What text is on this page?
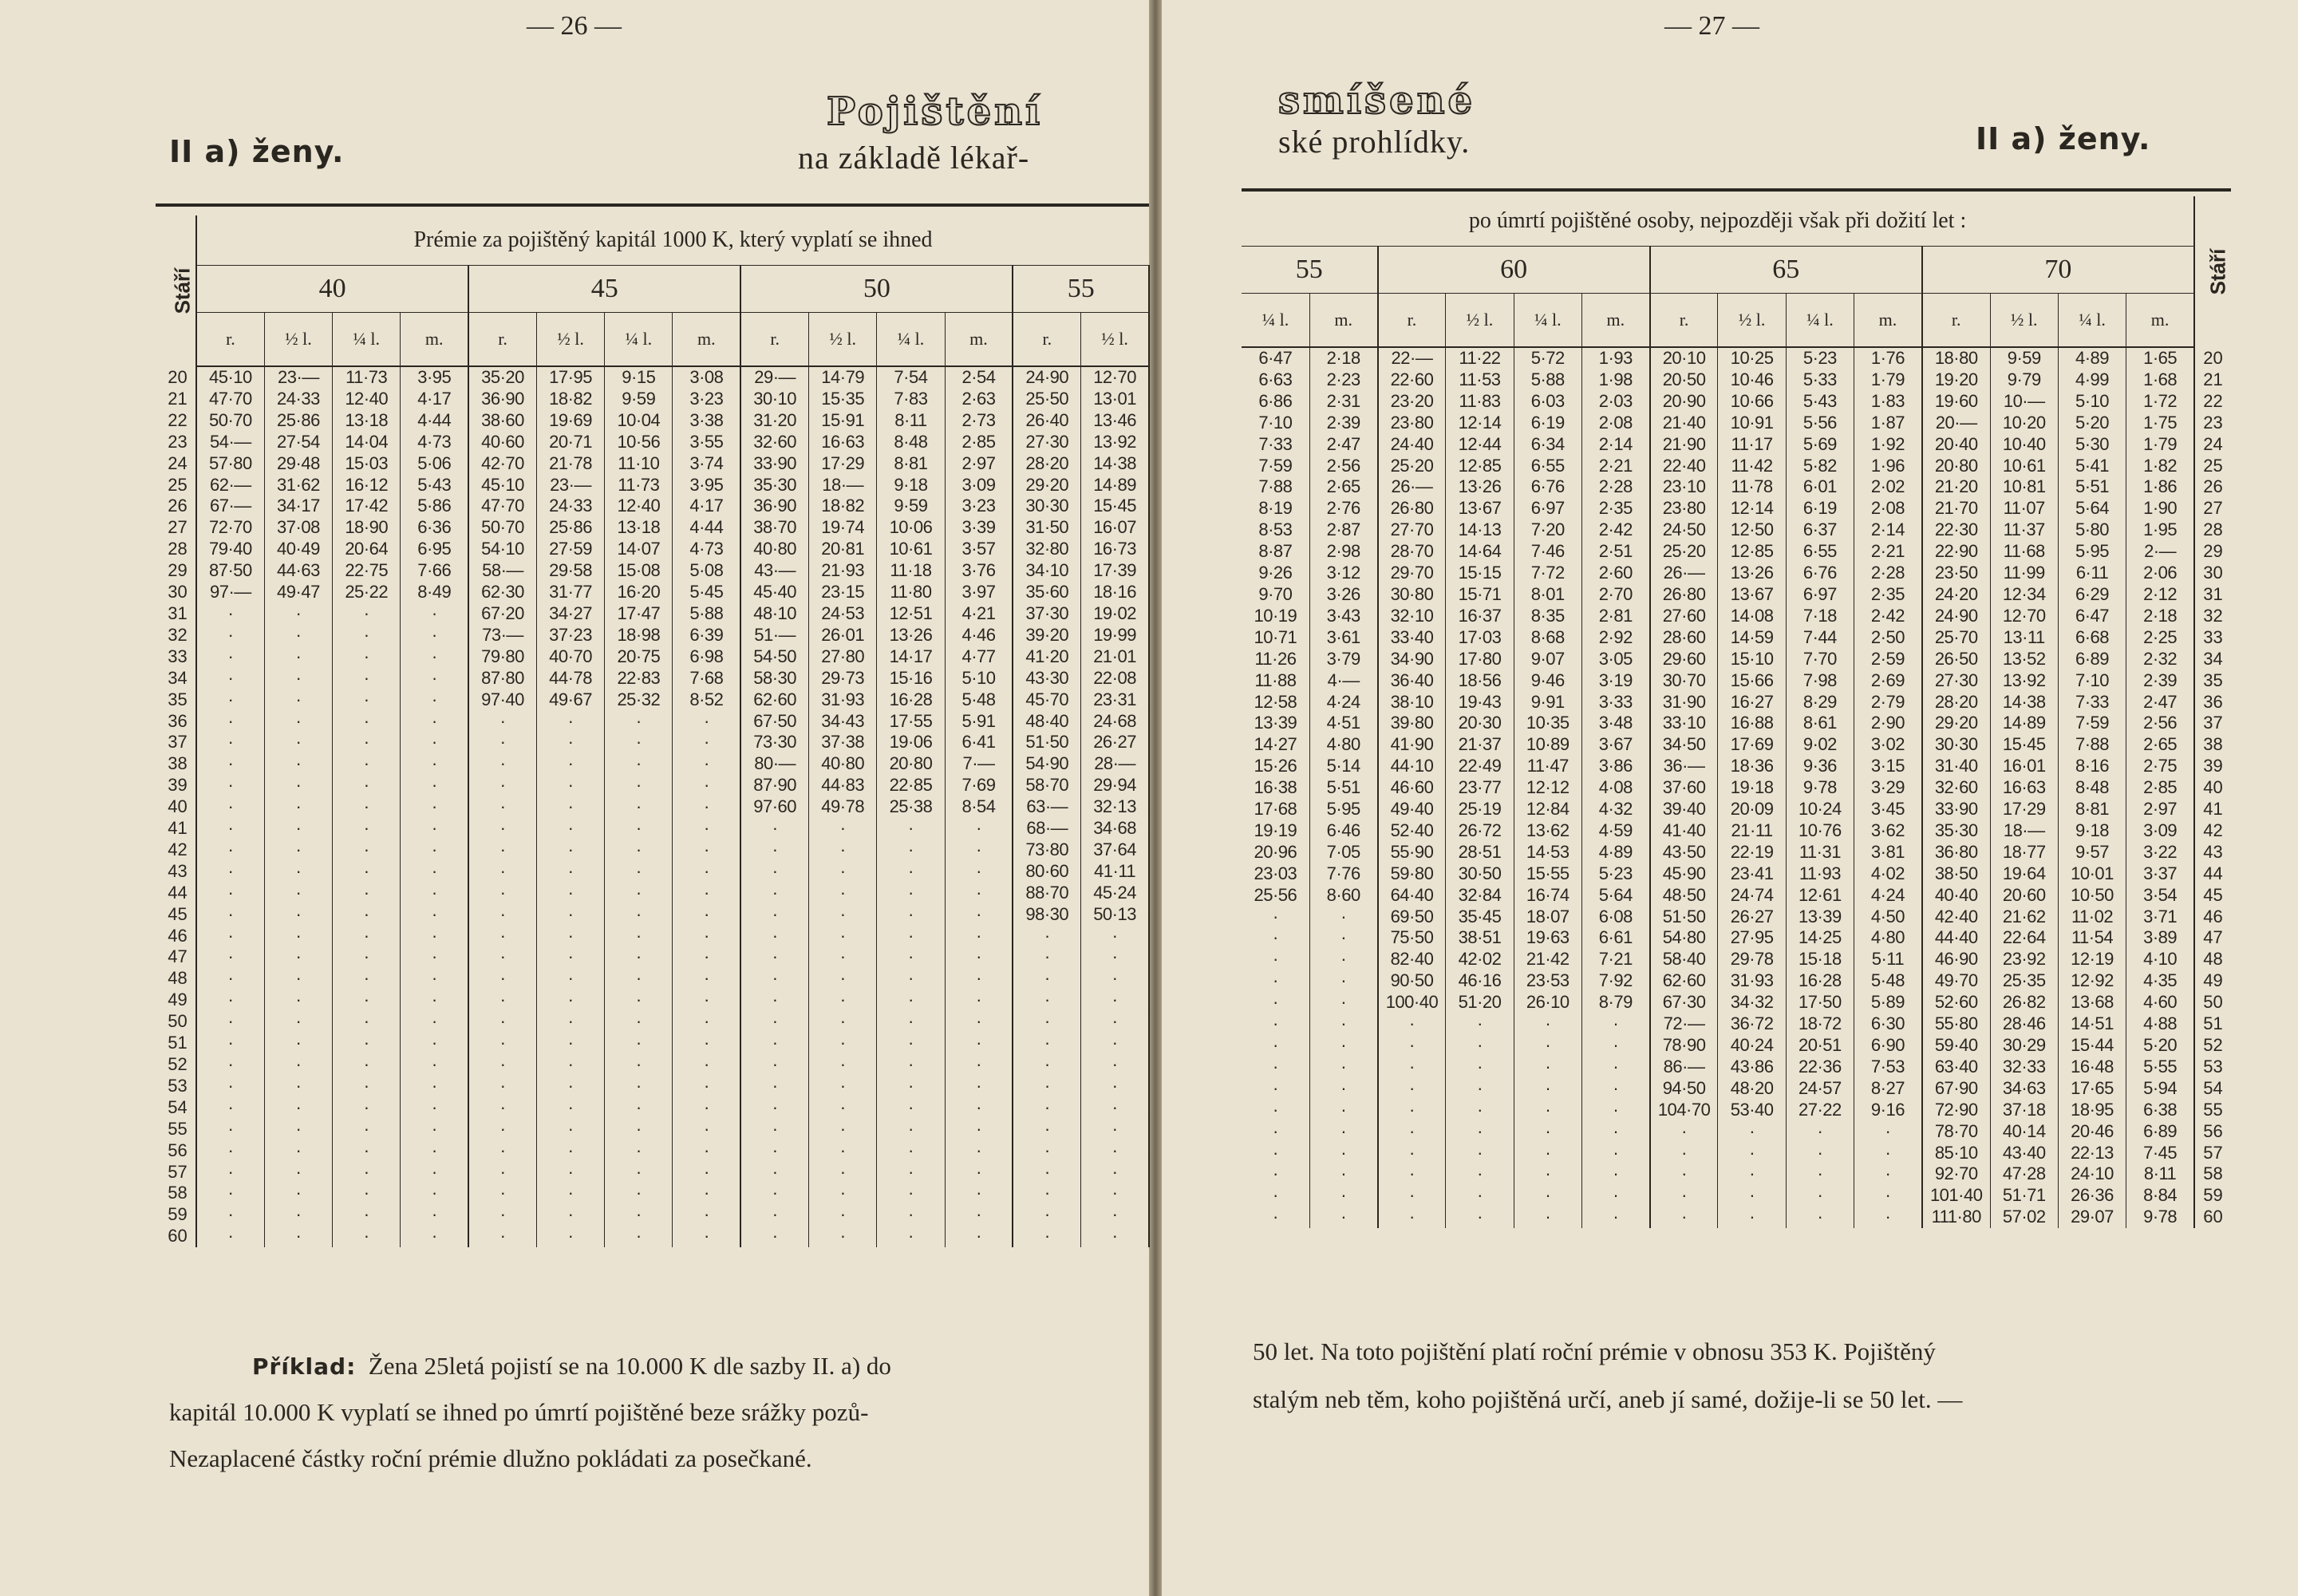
— 26 —
II a) ženy.
Pojištění
na základě lékař-
Stáří	Prémie za pojištěný kapitál 1000 K, který vyplatí se ihned													
	40				45				50				55	
	r.	½ l.	¼ l.	m.	r.	½ l.	¼ l.	m.	r.	½ l.	¼ l.	m.	r.	½ l.
20	45·10	23·—	11·73	3·95	35·20	17·95	9·15	3·08	29·—	14·79	7·54	2·54	24·90	12·70
21	47·70	24·33	12·40	4·17	36·90	18·82	9·59	3·23	30·10	15·35	7·83	2·63	25·50	13·01
22	50·70	25·86	13·18	4·44	38·60	19·69	10·04	3·38	31·20	15·91	8·11	2·73	26·40	13·46
23	54·—	27·54	14·04	4·73	40·60	20·71	10·56	3·55	32·60	16·63	8·48	2·85	27·30	13·92
24	57·80	29·48	15·03	5·06	42·70	21·78	11·10	3·74	33·90	17·29	8·81	2·97	28·20	14·38
25	62·—	31·62	16·12	5·43	45·10	23·—	11·73	3·95	35·30	18·—	9·18	3·09	29·20	14·89
26	67·—	34·17	17·42	5·86	47·70	24·33	12·40	4·17	36·90	18·82	9·59	3·23	30·30	15·45
27	72·70	37·08	18·90	6·36	50·70	25·86	13·18	4·44	38·70	19·74	10·06	3·39	31·50	16·07
28	79·40	40·49	20·64	6·95	54·10	27·59	14·07	4·73	40·80	20·81	10·61	3·57	32·80	16·73
29	87·50	44·63	22·75	7·66	58·—	29·58	15·08	5·08	43·—	21·93	11·18	3·76	34·10	17·39
30	97·—	49·47	25·22	8·49	62·30	31·77	16·20	5·45	45·40	23·15	11·80	3·97	35·60	18·16
31	·	·	·	·	67·20	34·27	17·47	5·88	48·10	24·53	12·51	4·21	37·30	19·02
32	·	·	·	·	73·—	37·23	18·98	6·39	51·—	26·01	13·26	4·46	39·20	19·99
33	·	·	·	·	79·80	40·70	20·75	6·98	54·50	27·80	14·17	4·77	41·20	21·01
34	·	·	·	·	87·80	44·78	22·83	7·68	58·30	29·73	15·16	5·10	43·30	22·08
35	·	·	·	·	97·40	49·67	25·32	8·52	62·60	31·93	16·28	5·48	45·70	23·31
36	·	·	·	·	·	·	·	·	67·50	34·43	17·55	5·91	48·40	24·68
37	·	·	·	·	·	·	·	·	73·30	37·38	19·06	6·41	51·50	26·27
38	·	·	·	·	·	·	·	·	80·—	40·80	20·80	7·—	54·90	28·—
39	·	·	·	·	·	·	·	·	87·90	44·83	22·85	7·69	58·70	29·94
40	·	·	·	·	·	·	·	·	97·60	49·78	25·38	8·54	63·—	32·13
41	·	·	·	·	·	·	·	·	·	·	·	·	68·—	34·68
42	·	·	·	·	·	·	·	·	·	·	·	·	73·80	37·64
43	·	·	·	·	·	·	·	·	·	·	·	·	80·60	41·11
44	·	·	·	·	·	·	·	·	·	·	·	·	88·70	45·24
45	·	·	·	·	·	·	·	·	·	·	·	·	98·30	50·13
46	·	·	·	·	·	·	·	·	·	·	·	·	·	·
47	·	·	·	·	·	·	·	·	·	·	·	·	·	·
48	·	·	·	·	·	·	·	·	·	·	·	·	·	·
49	·	·	·	·	·	·	·	·	·	·	·	·	·	·
50	·	·	·	·	·	·	·	·	·	·	·	·	·	·
51	·	·	·	·	·	·	·	·	·	·	·	·	·	·
52	·	·	·	·	·	·	·	·	·	·	·	·	·	·
53	·	·	·	·	·	·	·	·	·	·	·	·	·	·
54	·	·	·	·	·	·	·	·	·	·	·	·	·	·
55	·	·	·	·	·	·	·	·	·	·	·	·	·	·
56	·	·	·	·	·	·	·	·	·	·	·	·	·	·
57	·	·	·	·	·	·	·	·	·	·	·	·	·	·
58	·	·	·	·	·	·	·	·	·	·	·	·	·	·
59	·	·	·	·	·	·	·	·	·	·	·	·	·	·
60	·	·	·	·	·	·	·	·	·	·	·	·	·	·
Příklad: Žena 25letá pojistí se na 10.000 K dle sazby II. a) do
kapitál 10.000 K vyplatí se ihned po úmrtí pojištěné beze srážky pozů-
Nezaplacené částky roční prémie dlužno pokládati za posečkané.
— 27 —
smíšené
ské prohlídky.	II a) ženy.
po úmrtí pojištěné osoby, nejpozději však při dožití let :														Stáří
55		60				65				70				
¼ l.	m.	r.	½ l.	¼ l.	m.	r.	½ l.	¼ l.	m.	r.	½ l.	¼ l.	m.	
6·47	2·18	22·—	11·22	5·72	1·93	20·10	10·25	5·23	1·76	18·80	9·59	4·89	1·65	20
6·63	2·23	22·60	11·53	5·88	1·98	20·50	10·46	5·33	1·79	19·20	9·79	4·99	1·68	21
6·86	2·31	23·20	11·83	6·03	2·03	20·90	10·66	5·43	1·83	19·60	10·—	5·10	1·72	22
7·10	2·39	23·80	12·14	6·19	2·08	21·40	10·91	5·56	1·87	20·—	10·20	5·20	1·75	23
7·33	2·47	24·40	12·44	6·34	2·14	21·90	11·17	5·69	1·92	20·40	10·40	5·30	1·79	24
7·59	2·56	25·20	12·85	6·55	2·21	22·40	11·42	5·82	1·96	20·80	10·61	5·41	1·82	25
7·88	2·65	26·—	13·26	6·76	2·28	23·10	11·78	6·01	2·02	21·20	10·81	5·51	1·86	26
8·19	2·76	26·80	13·67	6·97	2·35	23·80	12·14	6·19	2·08	21·70	11·07	5·64	1·90	27
8·53	2·87	27·70	14·13	7·20	2·42	24·50	12·50	6·37	2·14	22·30	11·37	5·80	1·95	28
8·87	2·98	28·70	14·64	7·46	2·51	25·20	12·85	6·55	2·21	22·90	11·68	5·95	2·—	29
9·26	3·12	29·70	15·15	7·72	2·60	26·—	13·26	6·76	2·28	23·50	11·99	6·11	2·06	30
9·70	3·26	30·80	15·71	8·01	2·70	26·80	13·67	6·97	2·35	24·20	12·34	6·29	2·12	31
10·19	3·43	32·10	16·37	8·35	2·81	27·60	14·08	7·18	2·42	24·90	12·70	6·47	2·18	32
10·71	3·61	33·40	17·03	8·68	2·92	28·60	14·59	7·44	2·50	25·70	13·11	6·68	2·25	33
11·26	3·79	34·90	17·80	9·07	3·05	29·60	15·10	7·70	2·59	26·50	13·52	6·89	2·32	34
11·88	4·—	36·40	18·56	9·46	3·19	30·70	15·66	7·98	2·69	27·30	13·92	7·10	2·39	35
12·58	4·24	38·10	19·43	9·91	3·33	31·90	16·27	8·29	2·79	28·20	14·38	7·33	2·47	36
13·39	4·51	39·80	20·30	10·35	3·48	33·10	16·88	8·61	2·90	29·20	14·89	7·59	2·56	37
14·27	4·80	41·90	21·37	10·89	3·67	34·50	17·69	9·02	3·02	30·30	15·45	7·88	2·65	38
15·26	5·14	44·10	22·49	11·47	3·86	36·—	18·36	9·36	3·15	31·40	16·01	8·16	2·75	39
16·38	5·51	46·60	23·77	12·12	4·08	37·60	19·18	9·78	3·29	32·60	16·63	8·48	2·85	40
17·68	5·95	49·40	25·19	12·84	4·32	39·40	20·09	10·24	3·45	33·90	17·29	8·81	2·97	41
19·19	6·46	52·40	26·72	13·62	4·59	41·40	21·11	10·76	3·62	35·30	18·—	9·18	3·09	42
20·96	7·05	55·90	28·51	14·53	4·89	43·50	22·19	11·31	3·81	36·80	18·77	9·57	3·22	43
23·03	7·76	59·80	30·50	15·55	5·23	45·90	23·41	11·93	4·02	38·50	19·64	10·01	3·37	44
25·56	8·60	64·40	32·84	16·74	5·64	48·50	24·74	12·61	4·24	40·40	20·60	10·50	3·54	45
·	·	69·50	35·45	18·07	6·08	51·50	26·27	13·39	4·50	42·40	21·62	11·02	3·71	46
·	·	75·50	38·51	19·63	6·61	54·80	27·95	14·25	4·80	44·40	22·64	11·54	3·89	47
·	·	82·40	42·02	21·42	7·21	58·40	29·78	15·18	5·11	46·90	23·92	12·19	4·10	48
·	·	90·50	46·16	23·53	7·92	62·60	31·93	16·28	5·48	49·70	25·35	12·92	4·35	49
·	·	100·40	51·20	26·10	8·79	67·30	34·32	17·50	5·89	52·60	26·82	13·68	4·60	50
·	·	·	·	·	·	72·—	36·72	18·72	6·30	55·80	28·46	14·51	4·88	51
·	·	·	·	·	·	78·90	40·24	20·51	6·90	59·40	30·29	15·44	5·20	52
·	·	·	·	·	·	86·—	43·86	22·36	7·53	63·40	32·33	16·48	5·55	53
·	·	·	·	·	·	94·50	48·20	24·57	8·27	67·90	34·63	17·65	5·94	54
·	·	·	·	·	·	104·70	53·40	27·22	9·16	72·90	37·18	18·95	6·38	55
·	·	·	·	·	·	·	·	·	·	78·70	40·14	20·46	6·89	56
·	·	·	·	·	·	·	·	·	·	85·10	43·40	22·13	7·45	57
·	·	·	·	·	·	·	·	·	·	92·70	47·28	24·10	8·11	58
·	·	·	·	·	·	·	·	·	·	101·40	51·71	26·36	8·84	59
·	·	·	·	·	·	·	·	·	·	111·80	57·02	29·07	9·78	60
50 let. Na toto pojištění platí roční prémie v obnosu 353 K. Pojištěný
stalým neb těm, koho pojištěná určí, aneb jí samé, dožije-li se 50 let. —
